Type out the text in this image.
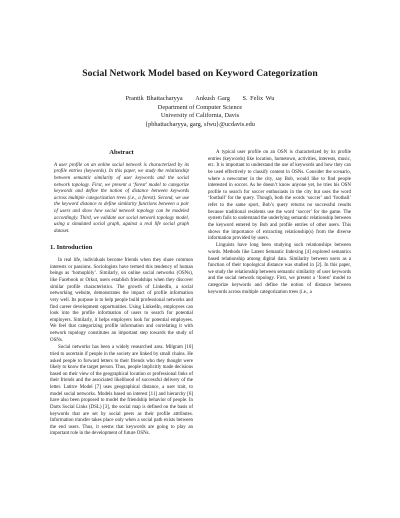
Social Network Model based on Keyword Categorization
Prantik Bhattacharyya Ankush Garg S. Felix Wu
Department of Computer Science
University of California, Davis
{pbhattacharyya, garg, sfwu}@ucdavis.edu
Abstract

A user profile on an online social network is characterized by its profile entries (keywords). In this paper, we study the relationship between semantic similarity of user keywords and the social network topology. First, we present a ‘forest’ model to categorize keywords and define the notion of distance between keywords across multiple categorization trees (i.e., a forest). Second, we use the keyword distance to define similarity functions between a pair of users and show how social network topology can be modeled accordingly. Third, we validate our social network topology model, using a simulated social graph, against a real life social graph dataset.

1. Introduction

In real life, individuals become friends when they share common interests or passions. Sociologists have termed this tendency of human beings as ‘homophily’. Similarly, on online social networks (OSNs), like Facebook or Orkut, users establish friendships when they discover similar profile characteristics. The growth of LinkedIn, a social networking website, demonstrates the impact of profile information very well. Its purpose is to help people build professional networks and find career development opportunities. Using LinkedIn, employees can look into the profile information of users to search for potential employers. Similarly, it helps employers look for potential employees. We feel that categorizing profile information and correlating it with network topology constitutes an important step towards the study of OSNs.

Social networks has been a widely researched area. Milgram [10] tried to ascertain if people in the society are linked by small chains. He asked people to forward letters to their friends who they thought were likely to know the target person. Thus, people implicitly made decisions based on their view of the geographical location or professional links of their friends and the associated likelihood of successful delivery of the letter. Latitce Model [7] uses geographical distance, a user trait, to model social networks. Models based on interest [11] and hierarchy [6] have also been proposed to model the friendship behavior of people. In Darts Social Links (DSL) [3], the social map is defined on the basis of keywords that are set by social peers as their profile attributes. Information transfer takes place only when a social path exists between the end users. Thus, it seems that keywords are going to play an important role in the development of future OSNs.

A typical user profile on an OSN is characterized by its profile entries (keywords) like location, hometown, activities, interests, music, etc. It is important to understand the use of keywords and how they can be used effectively to classify content in OSNs. Consider the scenario, where a newcomer in the city, say Bob, would like to find people interested in soccer. As he doesn’t know anyone yet, he tries his OSN profile to search for soccer enthusiasts in the city but uses the word ‘football’ for the query. Though, both the words ‘soccer’ and ‘football’ refer to the same sport, Bob’s query returns no successful results because traditional residents use the word ‘soccer’ for the game. The system fails to understand the underlying semantic relationship between the keyword entered by Bob and profile entries of other users. This shows the importance of extracting relationship(s) from the diverse information provided by users.

Linguists have long been studying such relationships between words. Methods like Latent Semantic Indexing [4] explored semantics based relationship among digital data. Similarity between users as a function of their topological distance was studied in [2]. In this paper, we study the relationship between semantic similarity of user keywords and the social network topology. First, we present a ‘forest’ model to categorize keywords and define the notion of distance between keywords across multiple categorization trees (i.e., a
